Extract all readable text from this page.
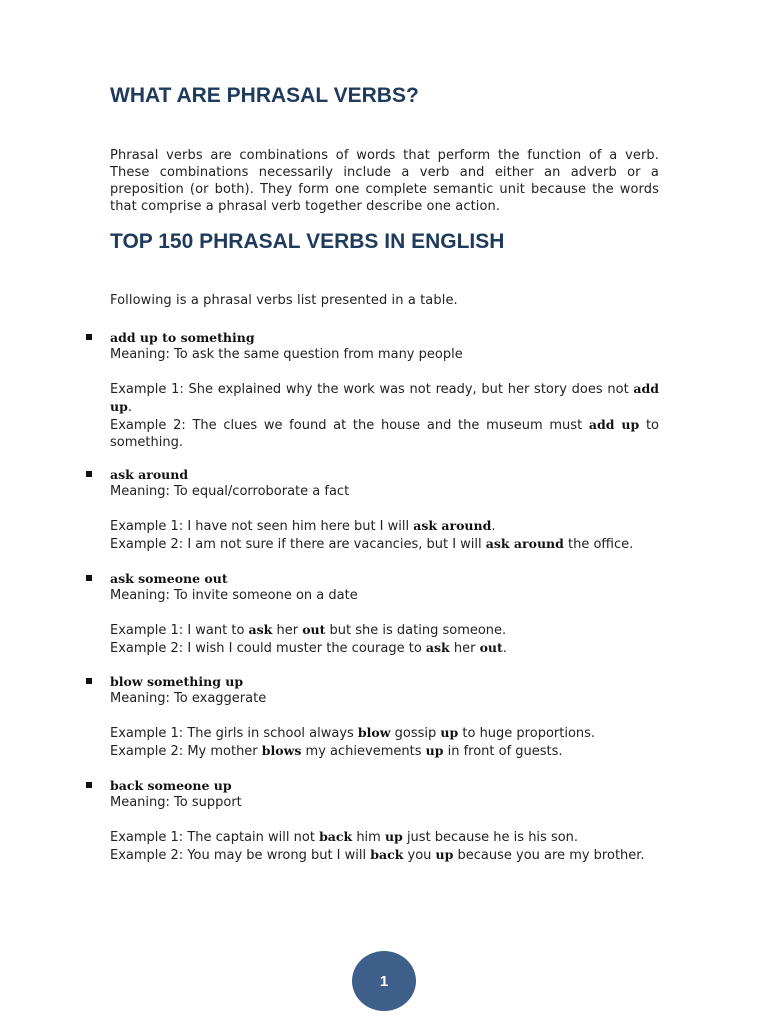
WHAT ARE PHRASAL VERBS?

Phrasal verbs are combinations of words that perform the function of a verb. These combinations necessarily include a verb and either an adverb or a preposition (or both). They form one complete semantic unit because the words that comprise a phrasal verb together describe one action.

TOP 150 PHRASAL VERBS IN ENGLISH

Following is a phrasal verbs list presented in a table.

add up to something

Meaning: To ask the same question from many people

Example 1: She explained why the work was not ready, but her story does not add up.

Example 2: The clues we found at the house and the museum must add up to something.

ask around

Meaning: To equal/corroborate a fact

Example 1: I have not seen him here but I will ask around.

Example 2: I am not sure if there are vacancies, but I will ask around the office.

ask someone out

Meaning: To invite someone on a date

Example 1: I want to ask her out but she is dating someone.

Example 2: I wish I could muster the courage to ask her out.

blow something up

Meaning: To exaggerate

Example 1: The girls in school always blow gossip up to huge proportions.

Example 2: My mother blows my achievements up in front of guests.

back someone up

Meaning: To support

Example 1: The captain will not back him up just because he is his son.

Example 2: You may be wrong but I will back you up because you are my brother.

1
